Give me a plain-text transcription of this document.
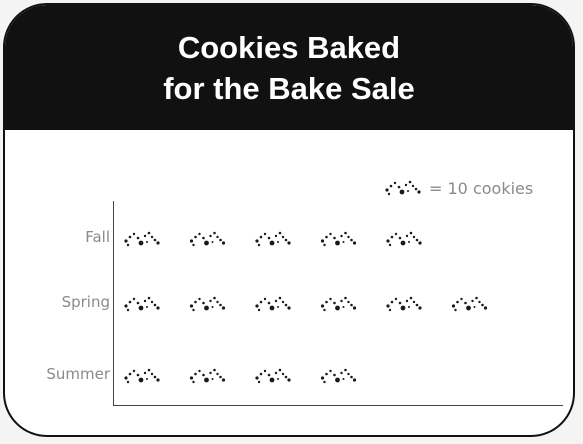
Cookies Baked
for the Bake Sale
= 10 cookies
Fall
Spring
Summer
